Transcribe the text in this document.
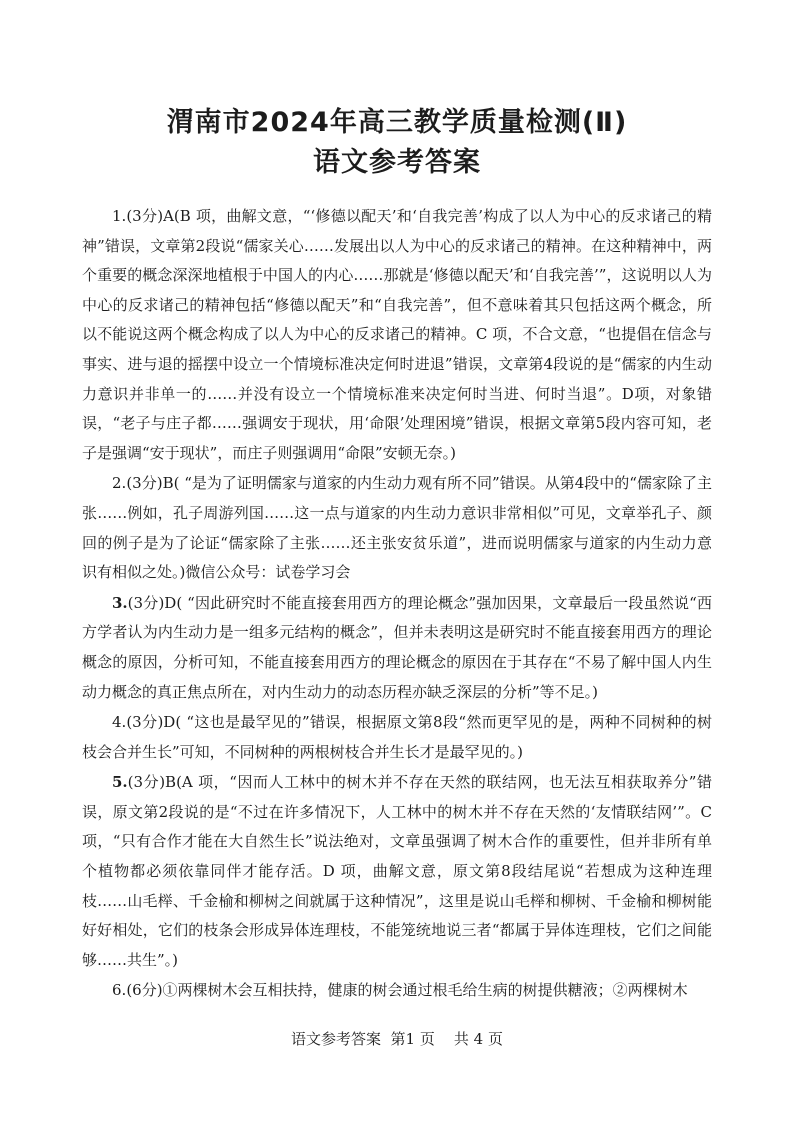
渭南市2024年高三教学质量检测(Ⅱ)
语文参考答案

1.(3分)A(B 项，曲解文意，“‘修德以配天’和‘自我完善’构成了以人为中心的反求诸己的精神”错误，文章第2段说“儒家关心……发展出以人为中心的反求诸己的精神。在这种精神中，两个重要的概念深深地植根于中国人的内心……那就是‘修德以配天’和‘自我完善’”，这说明以人为中心的反求诸己的精神包括“修德以配天”和“自我完善”，但不意味着其只包括这两个概念，所以不能说这两个概念构成了以人为中心的反求诸己的精神。C 项，不合文意，“也提倡在信念与事实、进与退的摇摆中设立一个情境标准决定何时进退”错误，文章第4段说的是“儒家的内生动力意识并非单一的……并没有设立一个情境标准来决定何时当进、何时当退”。D项，对象错误，“老子与庄子都……强调安于现状，用‘命限’处理困境”错误，根据文章第5段内容可知，老子是强调“安于现状”，而庄子则强调用“命限”安顿无奈。)

2.(3分)B( “是为了证明儒家与道家的内生动力观有所不同”错误。从第4段中的“儒家除了主张……例如，孔子周游列国……这一点与道家的内生动力意识非常相似”可见，文章举孔子、颜回的例子是为了论证“儒家除了主张……还主张安贫乐道”，进而说明儒家与道家的内生动力意识有相似之处。)微信公众号：试卷学习会

3.(3分)D( “因此研究时不能直接套用西方的理论概念”强加因果，文章最后一段虽然说“西方学者认为内生动力是一组多元结构的概念”，但并未表明这是研究时不能直接套用西方的理论概念的原因，分析可知，不能直接套用西方的理论概念的原因在于其存在“不易了解中国人内生动力概念的真正焦点所在，对内生动力的动态历程亦缺乏深层的分析”等不足。)

4.(3分)D( “这也是最罕见的”错误，根据原文第8段“然而更罕见的是，两种不同树种的树枝会合并生长”可知，不同树种的两根树枝合并生长才是最罕见的。)

5.(3分)B(A 项，“因而人工林中的树木并不存在天然的联结网，也无法互相获取养分”错误，原文第2段说的是“不过在许多情况下，人工林中的树木并不存在天然的‘友情联结网’”。C 项，“只有合作才能在大自然生长”说法绝对，文章虽强调了树木合作的重要性，但并非所有单个植物都必须依靠同伴才能存活。D 项，曲解文意，原文第8段结尾说“若想成为这种连理枝……山毛榉、千金榆和柳树之间就属于这种情况”，这里是说山毛榉和柳树、千金榆和柳树能好好相处，它们的枝条会形成异体连理枝，不能笼统地说三者“都属于异体连理枝，它们之间能够……共生”。)

6.(6分)①两棵树木会互相扶持，健康的树会通过根毛给生病的树提供糖液；②两棵树木

语文参考答案  第1 页    共 4 页
